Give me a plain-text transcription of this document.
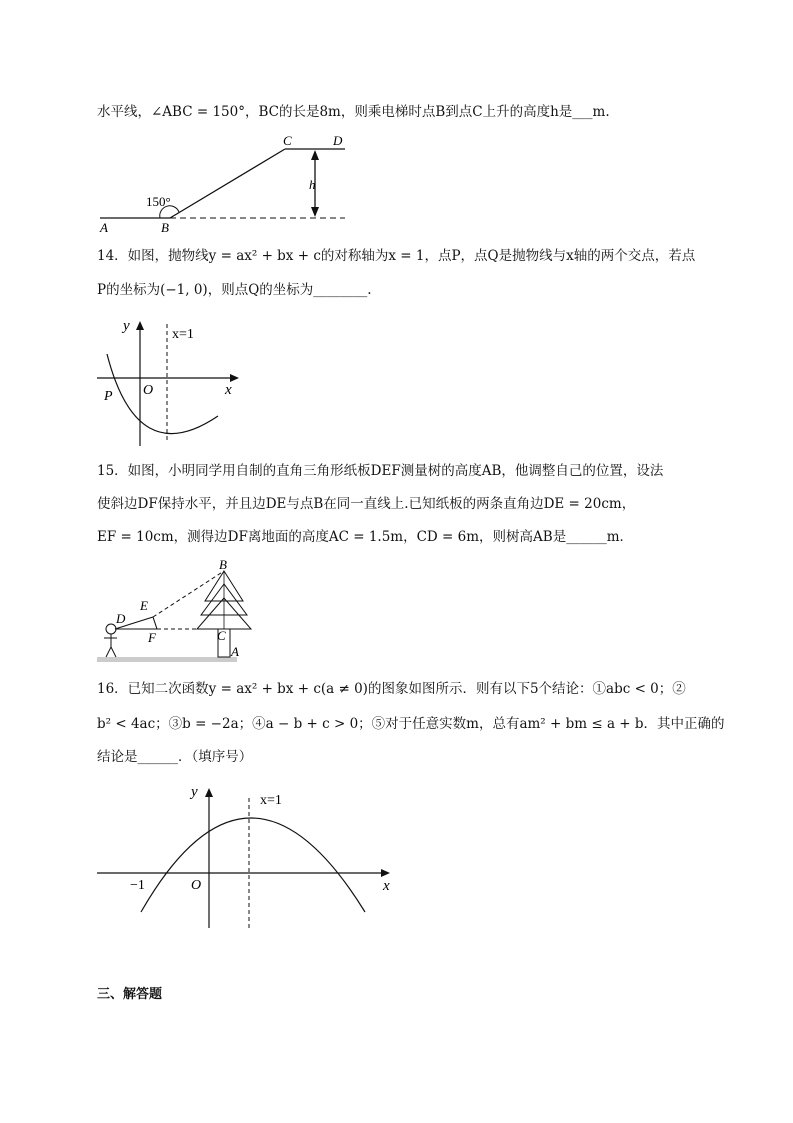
水平线，∠ABC = 150°，BC的长是8m，则乘电梯时点B到点C上升的高度h是___m.
A	B
C	D
h
150°
14．如图，抛物线y = ax² + bx + c的对称轴为x = 1，点P，点Q是抛物线与x轴的两个交点，若点
P的坐标为(−1, 0)，则点Q的坐标为________.
y
x=1
O	x
P
15．如图，小明同学用自制的直角三角形纸板DEF测量树的高度AB，他调整自己的位置，设法
使斜边DF保持水平，并且边DE与点B在同一直线上.已知纸板的两条直角边DE = 20cm，
EF = 10cm，测得边DF离地面的高度AC = 1.5m，CD = 6m，则树高AB是______m．
B
D
E
F	C
A
16．已知二次函数y = ax² + bx + c(a ≠ 0)的图象如图所示．则有以下5个结论：①abc < 0；②
b² < 4ac；③b = −2a；④a − b + c > 0；⑤对于任意实数m，总有am² + bm ≤ a + b．其中正确的
结论是______．（填序号）
y
x=1
O
−1	x
三、解答题
